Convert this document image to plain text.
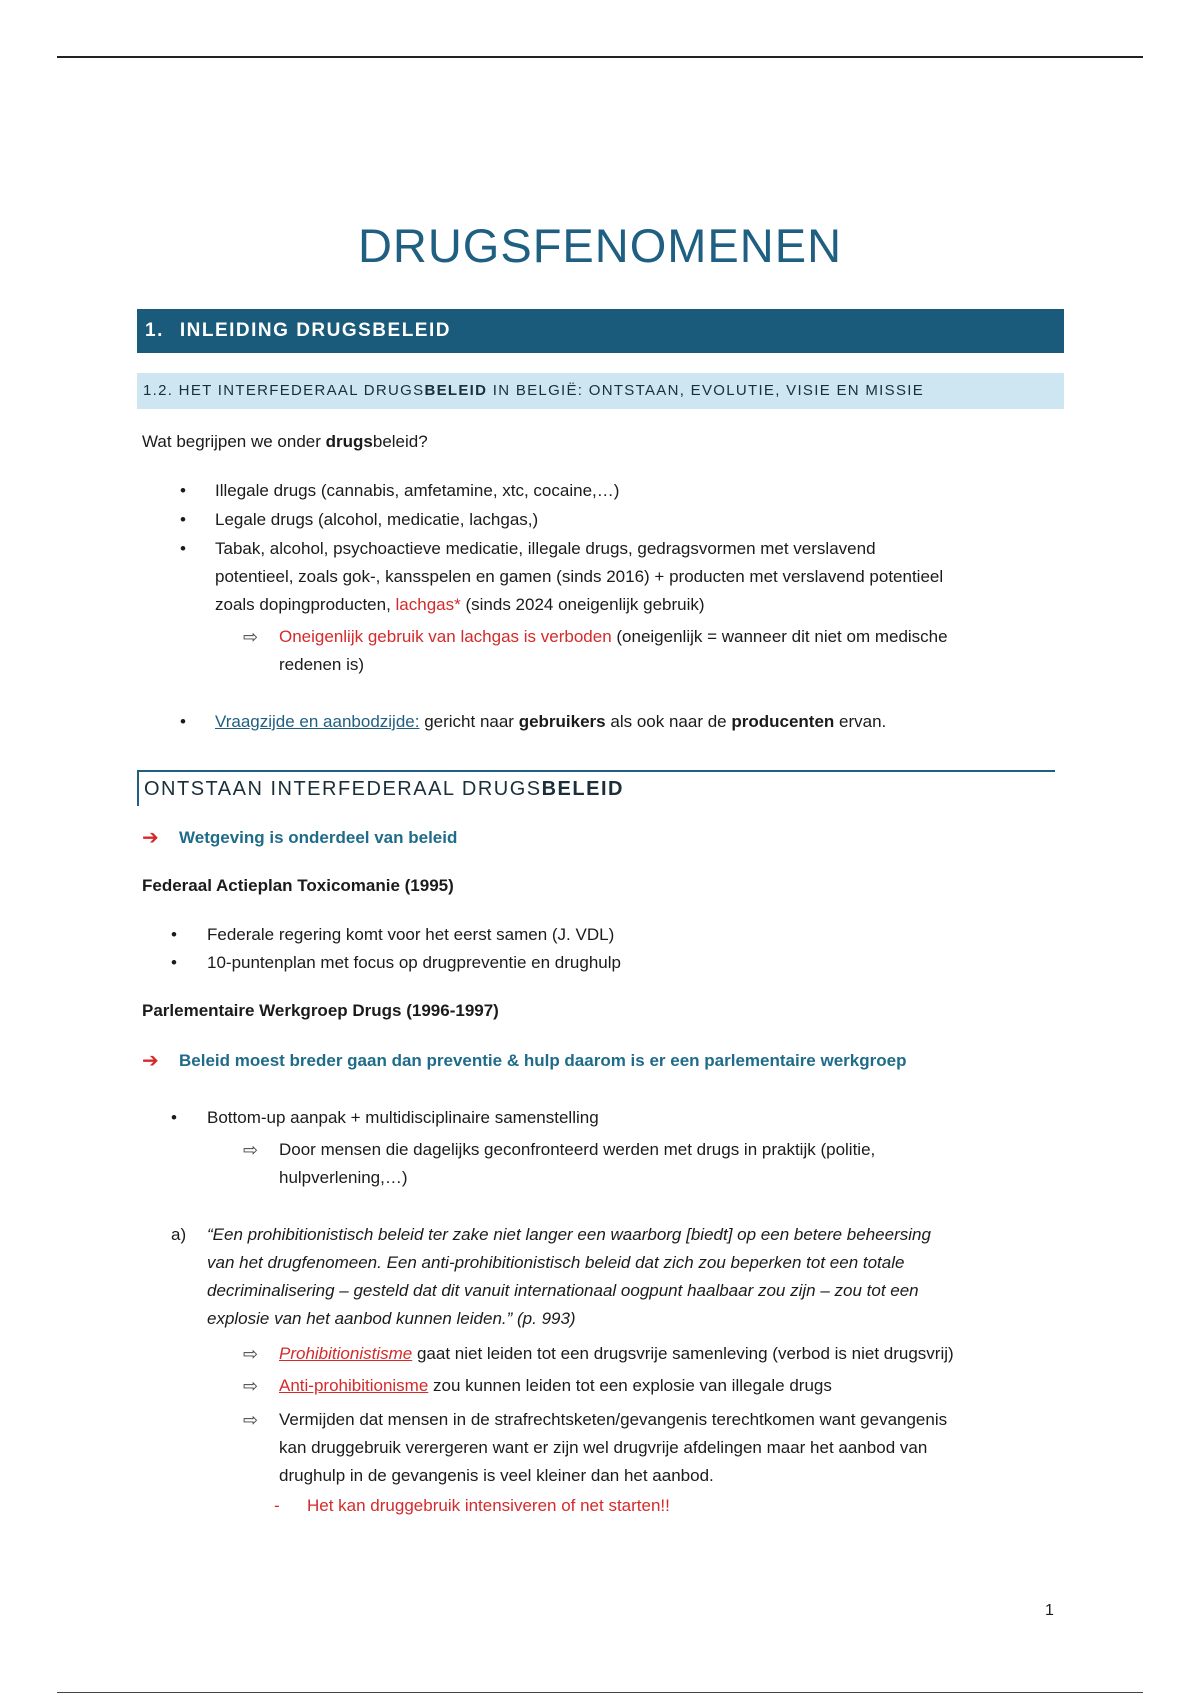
DRUGSFENOMENEN
1. INLEIDING DRUGSBELEID
1.2. HET INTERFEDERAAL DRUGSBELEID IN BELGIË: ONTSTAAN, EVOLUTIE, VISIE EN MISSIE
Wat begrijpen we onder drugsbeleid?
• Illegale drugs (cannabis, amfetamine, xtc, cocaine,…)
• Legale drugs (alcohol, medicatie, lachgas,)
• Tabak, alcohol, psychoactieve medicatie, illegale drugs, gedragsvormen met verslavend
potentieel, zoals gok-, kansspelen en gamen (sinds 2016) + producten met verslavend potentieel
zoals dopingproducten, lachgas* (sinds 2024 oneigenlijk gebruik)
⇨ Oneigenlijk gebruik van lachgas is verboden (oneigenlijk = wanneer dit niet om medische
redenen is)
• Vraagzijde en aanbodzijde: gericht naar gebruikers als ook naar de producenten ervan.
ONTSTAAN INTERFEDERAAL DRUGSBELEID
➔ Wetgeving is onderdeel van beleid
Federaal Actieplan Toxicomanie (1995)
• Federale regering komt voor het eerst samen (J. VDL)
• 10-puntenplan met focus op drugpreventie en drughulp
Parlementaire Werkgroep Drugs (1996-1997)
➔ Beleid moest breder gaan dan preventie & hulp daarom is er een parlementaire werkgroep
• Bottom-up aanpak + multidisciplinaire samenstelling
⇨ Door mensen die dagelijks geconfronteerd werden met drugs in praktijk (politie,
hulpverlening,…)
a) “Een prohibitionistisch beleid ter zake niet langer een waarborg [biedt] op een betere beheersing
van het drugfenomeen. Een anti-prohibitionistisch beleid dat zich zou beperken tot een totale
decriminalisering – gesteld dat dit vanuit internationaal oogpunt haalbaar zou zijn – zou tot een
explosie van het aanbod kunnen leiden.” (p. 993)
⇨ Prohibitionistisme gaat niet leiden tot een drugsvrije samenleving (verbod is niet drugsvrij)
⇨ Anti-prohibitionisme zou kunnen leiden tot een explosie van illegale drugs
⇨ Vermijden dat mensen in de strafrechtsketen/gevangenis terechtkomen want gevangenis
kan druggebruik verergeren want er zijn wel drugvrije afdelingen maar het aanbod van
drughulp in de gevangenis is veel kleiner dan het aanbod.
- Het kan druggebruik intensiveren of net starten!!
1
